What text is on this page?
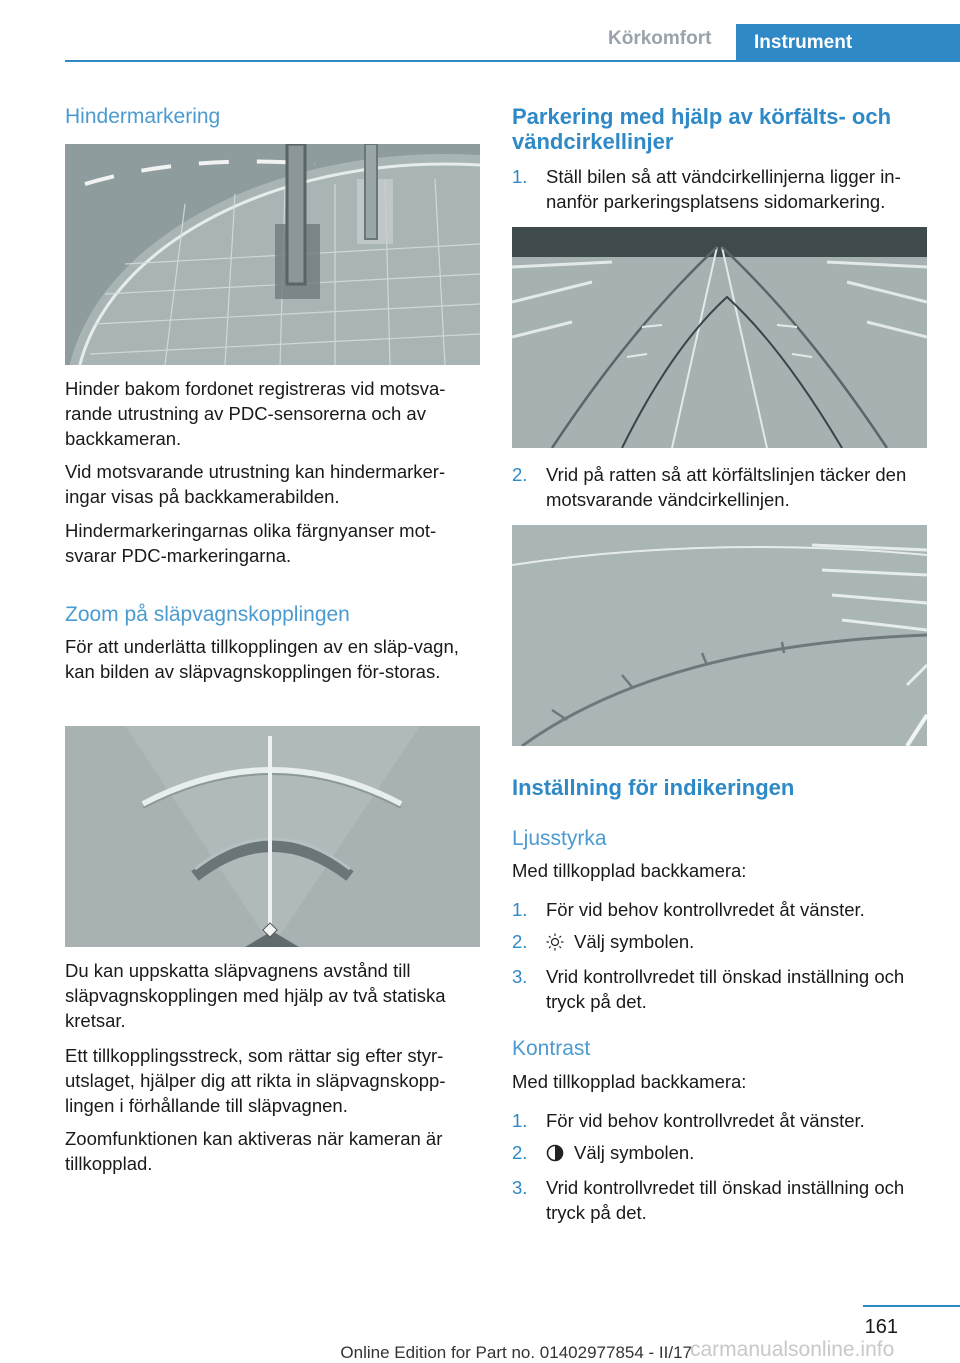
Körkomfort	Instrument
Hindermarkering

Hinder bakom fordonet registreras vid motsva-rande utrustning av PDC-sensorerna och av backkameran.

Vid motsvarande utrustning kan hindermarker-ingar visas på backkamerabilden.

Hindermarkeringarnas olika färgnyanser mot-svarar PDC-markeringarna.

Zoom på släpvagnskopplingen

För att underlätta tillkopplingen av en släp-vagn, kan bilden av släpvagnskopplingen för-storas.

Du kan uppskatta släpvagnens avstånd till släpvagnskopplingen med hjälp av två statiska kretsar.

Ett tillkopplingsstreck, som rättar sig efter styr-utslaget, hjälper dig att rikta in släpvagnskopp-lingen i förhållande till släpvagnen.

Zoomfunktionen kan aktiveras när kameran är tillkopplad.

Parkering med hjälp av körfälts- och vändcirkellinjer
1. Ställ bilen så att vändcirkellinjerna ligger in-nanför parkeringsplatsens sidomarkering.
2. Vrid på ratten så att körfältslinjen täcker den motsvarande vändcirkellinjen.
Inställning för indikeringen
Ljusstyrka

Med tillkopplad backkamera:

1. För vid behov kontrollvredet åt vänster.
2.	Välj symbolen.
3. Vrid kontrollvredet till önskad inställning och tryck på det.
Kontrast

Med tillkopplad backkamera:

1. För vid behov kontrollvredet åt vänster.
2.	Välj symbolen.
3. Vrid kontrollvredet till önskad inställning och tryck på det.
161
Online Edition for Part no. 01402977854 - II/17
carmanualsonline.info
